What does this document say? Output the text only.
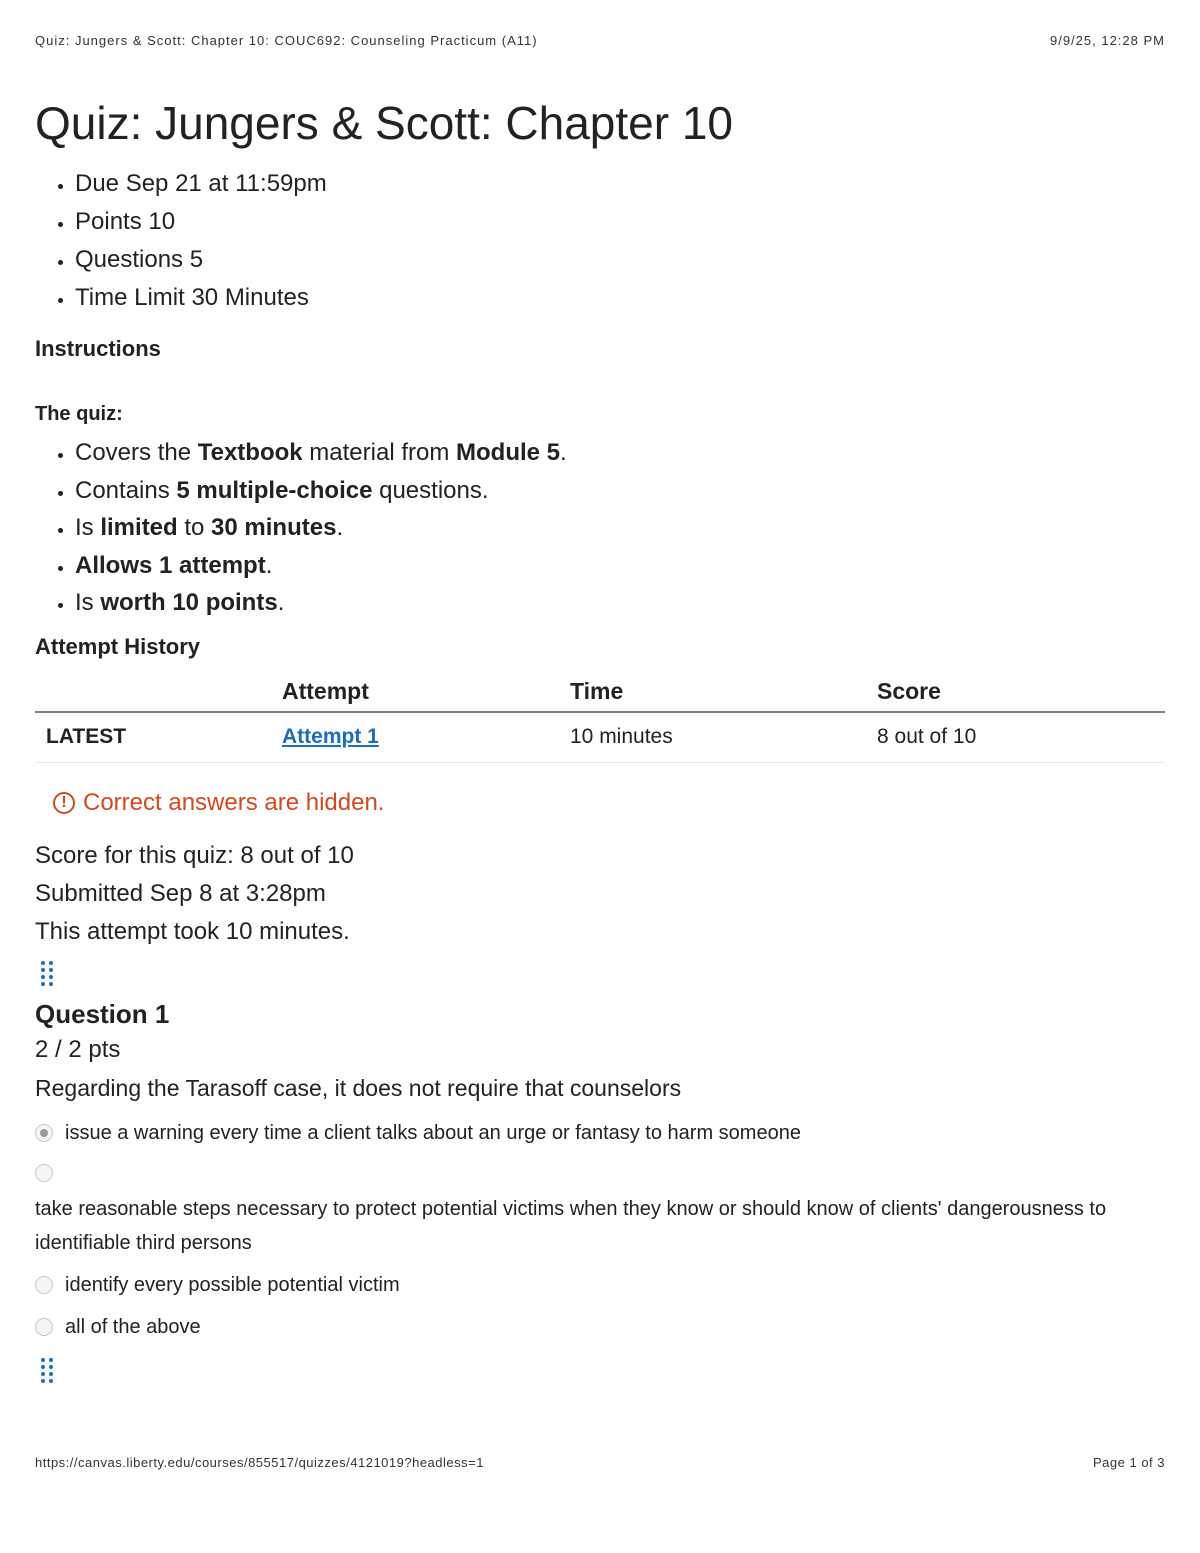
Quiz: Jungers & Scott: Chapter 10: COUC692: Counseling Practicum (A11)	9/9/25, 12:28 PM
Quiz: Jungers & Scott: Chapter 10
• Due Sep 21 at 11:59pm
• Points 10
• Questions 5
• Time Limit 30 Minutes
Instructions
The quiz:
• Covers the Textbook material from Module 5.
• Contains 5 multiple-choice questions.
• Is limited to 30 minutes.
• Allows 1 attempt.
• Is worth 10 points.
Attempt History
	Attempt	Time	Score
LATEST	Attempt 1	10 minutes	8 out of 10
! Correct answers are hidden.
Score for this quiz: 8 out of 10
Submitted Sep 8 at 3:28pm
This attempt took 10 minutes.
Question 1
2 / 2 pts
Regarding the Tarasoff case, it does not require that counselors
issue a warning every time a client talks about an urge or fantasy to harm someone
take reasonable steps necessary to protect potential victims when they know or should know of clients' dangerousness to identifiable third persons
identify every possible potential victim
all of the above
https://canvas.liberty.edu/courses/855517/quizzes/4121019?headless=1	Page 1 of 3
